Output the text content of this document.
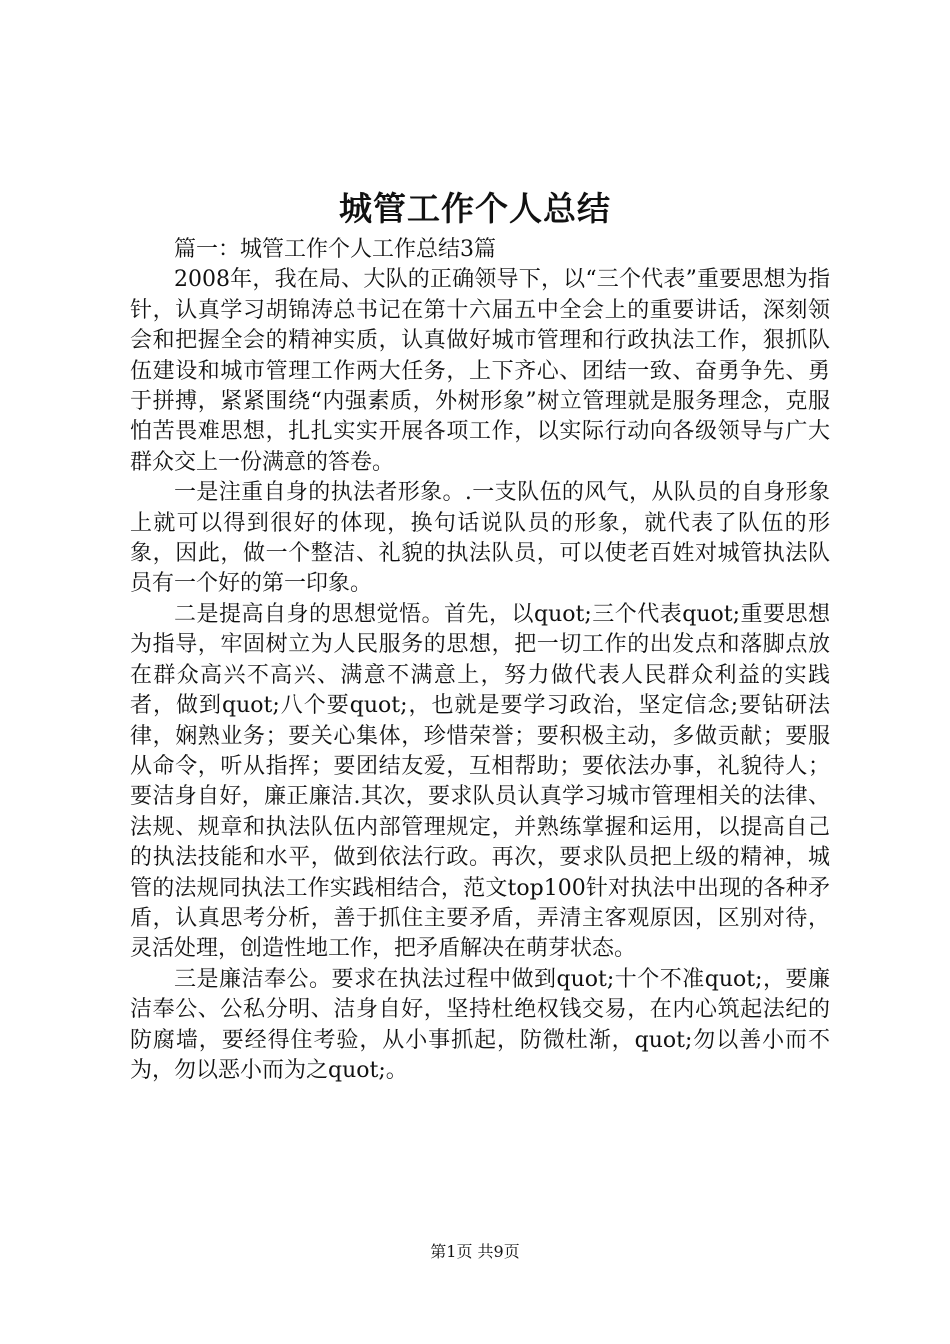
城管工作个人总结

篇一：城管工作个人工作总结3篇

2008年，我在局、大队的正确领导下，以“三个代表”重要思想为指针，认真学习胡锦涛总书记在第十六届五中全会上的重要讲话，深刻领会和把握全会的精神实质，认真做好城市管理和行政执法工作，狠抓队伍建设和城市管理工作两大任务，上下齐心、团结一致、奋勇争先、勇于拼搏，紧紧围绕“内强素质，外树形象”树立管理就是服务理念，克服怕苦畏难思想，扎扎实实开展各项工作，以实际行动向各级领导与广大群众交上一份满意的答卷。

一是注重自身的执法者形象。.一支队伍的风气，从队员的自身形象上就可以得到很好的体现，换句话说队员的形象，就代表了队伍的形象，因此，做一个整洁、礼貌的执法队员，可以使老百姓对城管执法队员有一个好的第一印象。

二是提高自身的思想觉悟。首先，以quot;三个代表quot;重要思想为指导，牢固树立为人民服务的思想，把一切工作的出发点和落脚点放在群众高兴不高兴、满意不满意上，努力做代表人民群众利益的实践者，做到quot;八个要quot;，也就是要学习政治，坚定信念;要钻研法律，娴熟业务；要关心集体，珍惜荣誉；要积极主动，多做贡献；要服从命令，听从指挥；要团结友爱，互相帮助；要依法办事，礼貌待人；要洁身自好，廉正廉洁.其次，要求队员认真学习城市管理相关的法律、法规、规章和执法队伍内部管理规定，并熟练掌握和运用，以提高自己的执法技能和水平，做到依法行政。再次，要求队员把上级的精神，城管的法规同执法工作实践相结合，范文top100针对执法中出现的各种矛盾，认真思考分析，善于抓住主要矛盾，弄清主客观原因，区别对待，灵活处理，创造性地工作，把矛盾解决在萌芽状态。

三是廉洁奉公。要求在执法过程中做到quot;十个不准quot;，要廉洁奉公、公私分明、洁身自好，坚持杜绝权钱交易，在内心筑起法纪的防腐墙，要经得住考验，从小事抓起，防微杜渐，quot;勿以善小而不为，勿以恶小而为之quot;。

第1页 共9页
